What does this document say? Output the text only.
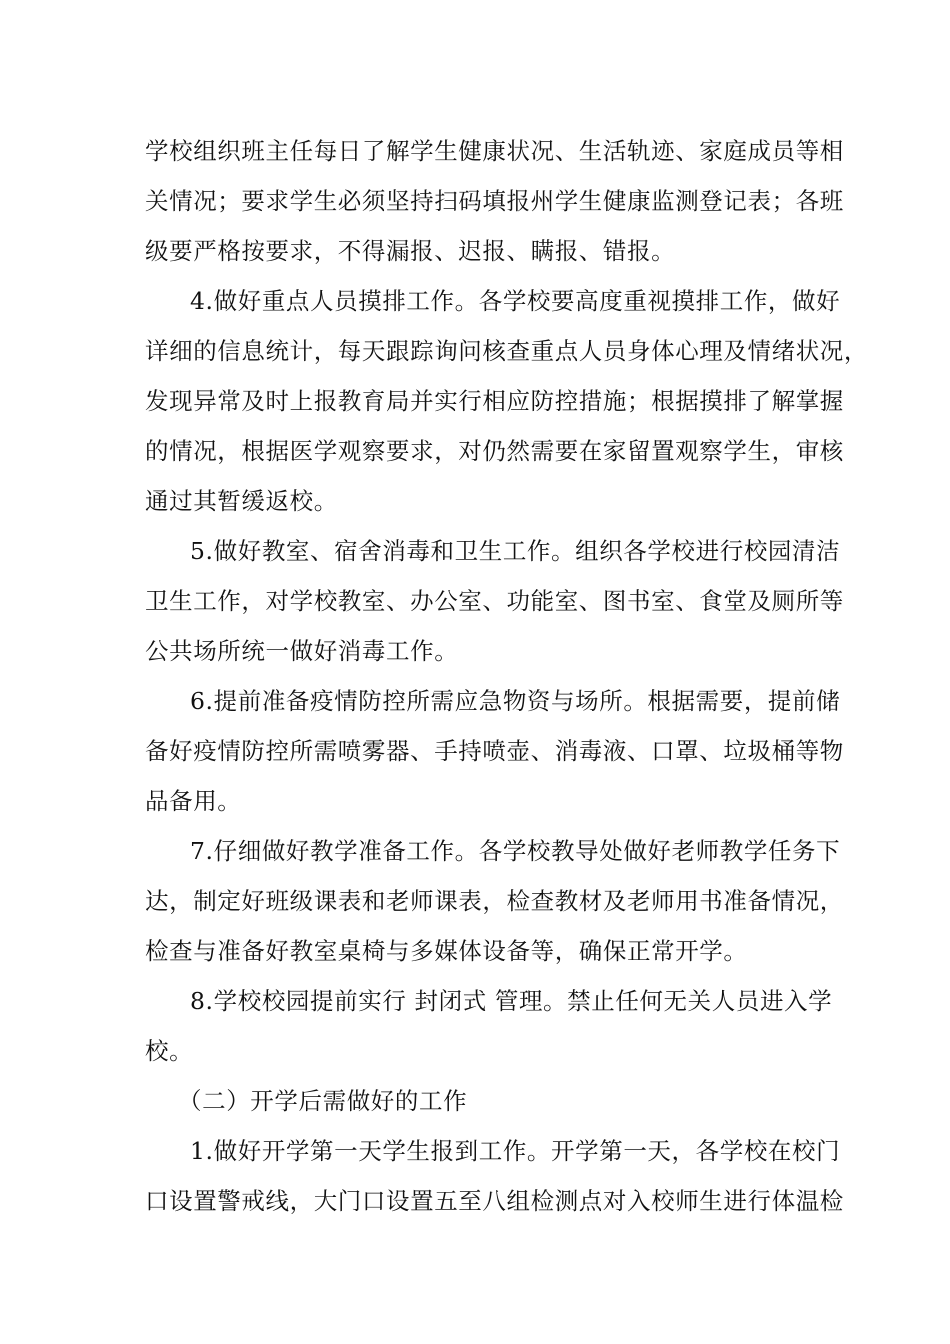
学校组织班主任每日了解学生健康状况、生活轨迹、家庭成员等相
关情况；要求学生必须坚持扫码填报州学生健康监测登记表；各班
级要严格按要求，不得漏报、迟报、瞒报、错报。
4.做好重点人员摸排工作。各学校要高度重视摸排工作，做好
详细的信息统计，每天跟踪询问核查重点人员身体心理及情绪状况，
发现异常及时上报教育局并实行相应防控措施；根据摸排了解掌握
的情况，根据医学观察要求，对仍然需要在家留置观察学生，审核
通过其暂缓返校。
5.做好教室、宿舍消毒和卫生工作。组织各学校进行校园清洁
卫生工作，对学校教室、办公室、功能室、图书室、食堂及厕所等
公共场所统一做好消毒工作。
6.提前准备疫情防控所需应急物资与场所。根据需要，提前储
备好疫情防控所需喷雾器、手持喷壶、消毒液、口罩、垃圾桶等物
品备用。
7.仔细做好教学准备工作。各学校教导处做好老师教学任务下
达，制定好班级课表和老师课表，检查教材及老师用书准备情况，
检查与准备好教室桌椅与多媒体设备等，确保正常开学。
8.学校校园提前实行 封闭式 管理。禁止任何无关人员进入学
校。
（二）开学后需做好的工作
1.做好开学第一天学生报到工作。开学第一天，各学校在校门
口设置警戒线，大门口设置五至八组检测点对入校师生进行体温检
